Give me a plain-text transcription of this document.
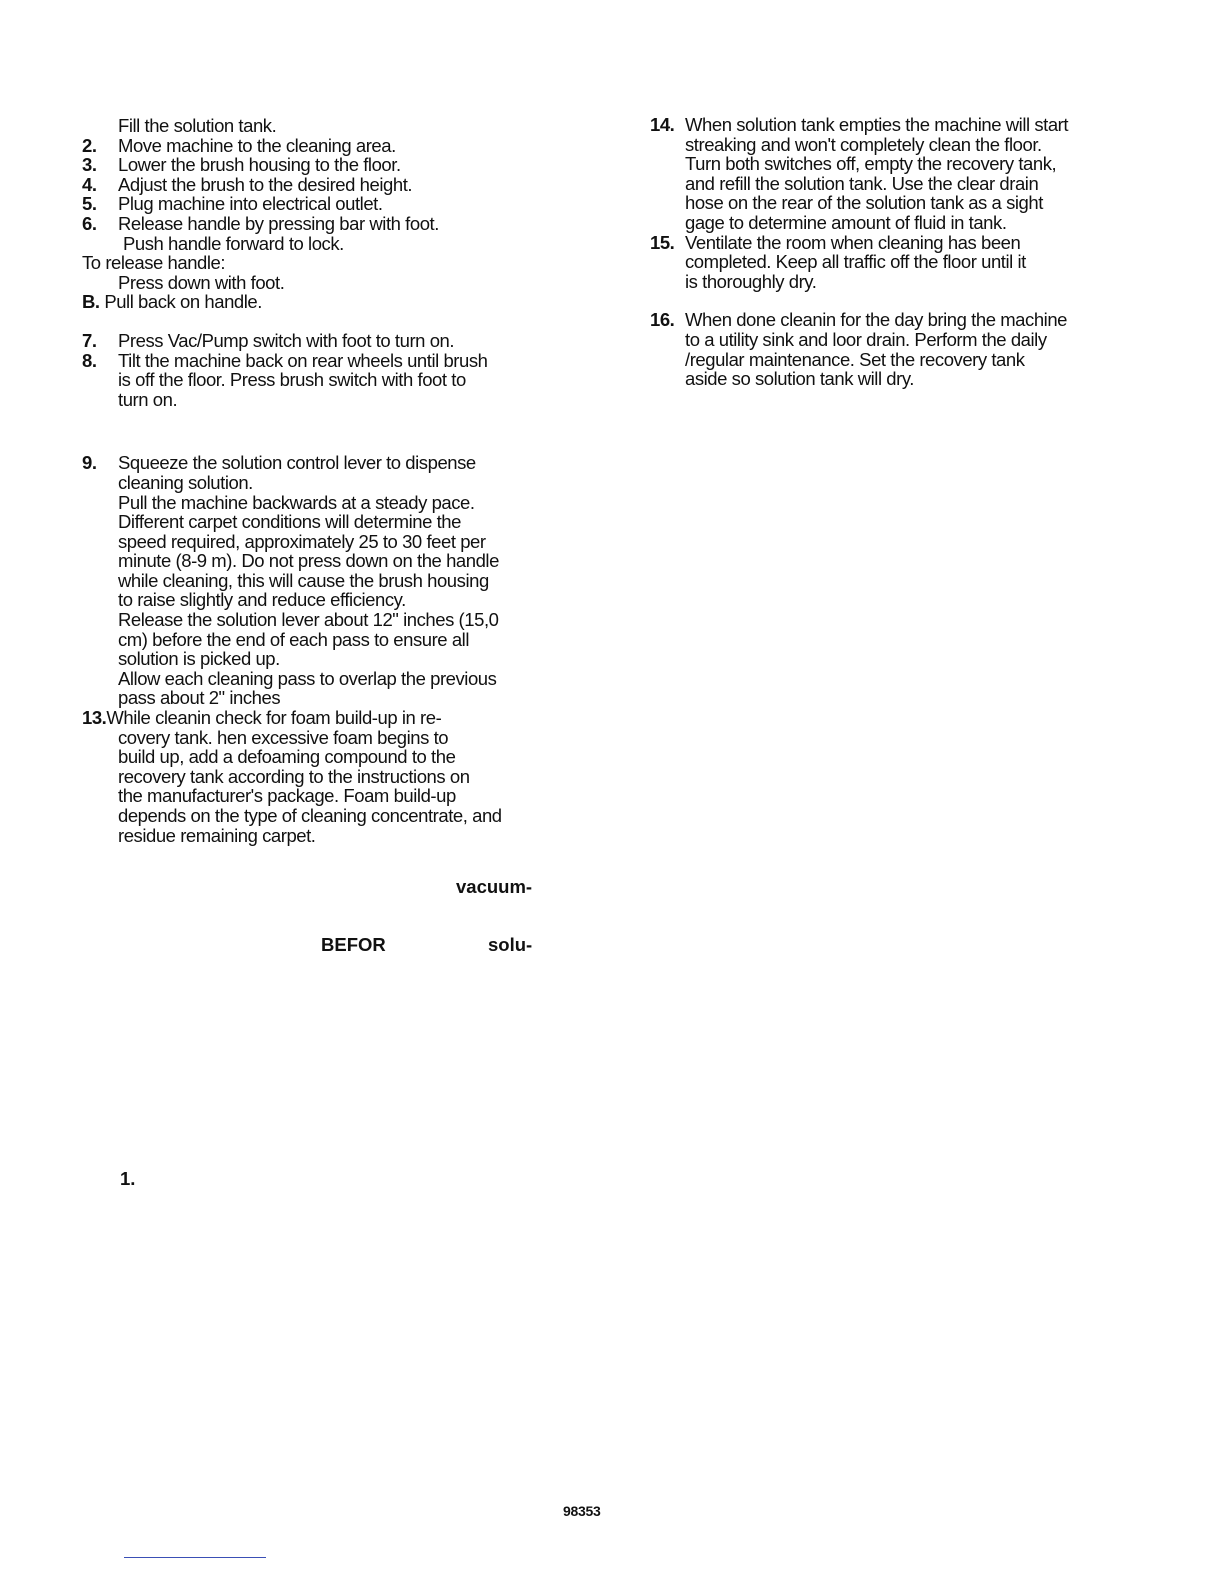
Fill the solution tank.
2. Move machine to the cleaning area.
3. Lower the brush housing to the floor.
4. Adjust the brush to the desired height.
5. Plug machine into electrical outlet.
6. Release handle by pressing bar with foot.
Push handle forward to lock.
To release handle:
Press down with foot.
B. Pull back on handle.
7. Press Vac/Pump switch with foot to turn on.
8. Tilt the machine back on rear wheels until brush
is off the floor. Press brush switch with foot to
turn on.
9. Squeeze the solution control lever to dispense
cleaning solution.
Pull the machine backwards at a steady pace.
Different carpet conditions will determine the
speed required, approximately 25 to 30 feet per
minute (8-9 m). Do not press down on the handle
while cleaning, this will cause the brush housing
to raise slightly and reduce efficiency.
Release the solution lever about 12" inches (15,0
cm) before the end of each pass to ensure all
solution is picked up.
Allow each cleaning pass to overlap the previous
pass about 2" inches
13.While cleanin check for foam build-up in re-
covery tank. hen excessive foam begins to
build up, add a defoaming compound to the
recovery tank according to the instructions on
the manufacturer's package. Foam build-up
depends on the type of cleaning concentrate, and
residue remaining carpet.
vacuum-
BEFOR	solu-
1.
14. When solution tank empties the machine will start
streaking and won't completely clean the floor.
Turn both switches off, empty the recovery tank,
and refill the solution tank. Use the clear drain
hose on the rear of the solution tank as a sight
gage to determine amount of fluid in tank.
15. Ventilate the room when cleaning has been
completed. Keep all traffic off the floor until it
is thoroughly dry.
16. When done cleanin for the day bring the machine
to a utility sink and loor drain. Perform the daily
/regular maintenance. Set the recovery tank
aside so solution tank will dry.
98353
